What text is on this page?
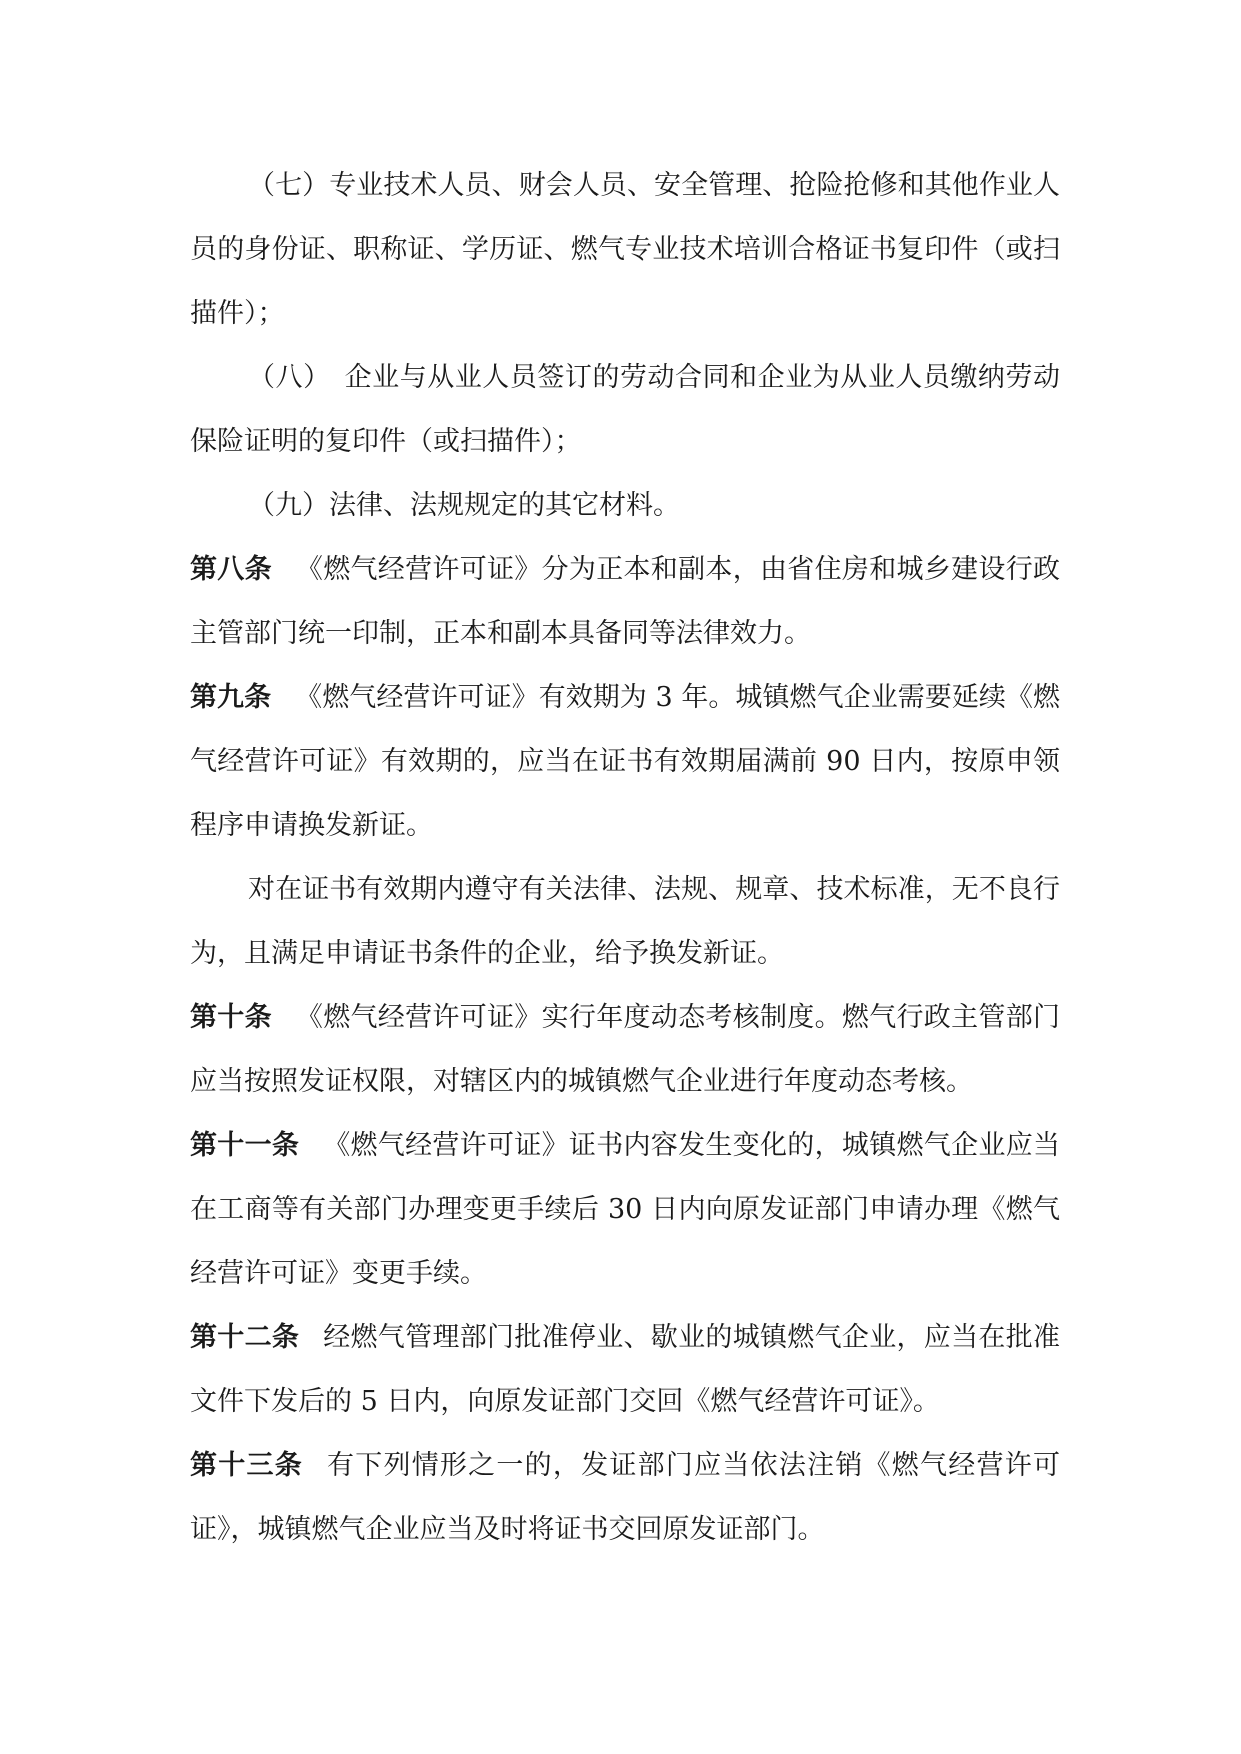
（七）专业技术人员、财会人员、安全管理、抢险抢修和其他作业人员的身份证、职称证、学历证、燃气专业技术培训合格证书复印件（或扫描件）；

（八）　企业与从业人员签订的劳动合同和企业为从业人员缴纳劳动保险证明的复印件（或扫描件）；

（九）法律、法规规定的其它材料。

第八条 《燃气经营许可证》分为正本和副本，由省住房和城乡建设行政主管部门统一印制，正本和副本具备同等法律效力。

第九条 《燃气经营许可证》有效期为 3 年。城镇燃气企业需要延续《燃气经营许可证》有效期的，应当在证书有效期届满前 90 日内，按原申领程序申请换发新证。

对在证书有效期内遵守有关法律、法规、规章、技术标准，无不良行为，且满足申请证书条件的企业，给予换发新证。

第十条 《燃气经营许可证》实行年度动态考核制度。燃气行政主管部门应当按照发证权限，对辖区内的城镇燃气企业进行年度动态考核。

第十一条 《燃气经营许可证》证书内容发生变化的，城镇燃气企业应当在工商等有关部门办理变更手续后 30 日内向原发证部门申请办理《燃气经营许可证》变更手续。

第十二条 经燃气管理部门批准停业、歇业的城镇燃气企业，应当在批准文件下发后的 5 日内，向原发证部门交回《燃气经营许可证》。

第十三条 有下列情形之一的，发证部门应当依法注销《燃气经营许可证》，城镇燃气企业应当及时将证书交回原发证部门。
